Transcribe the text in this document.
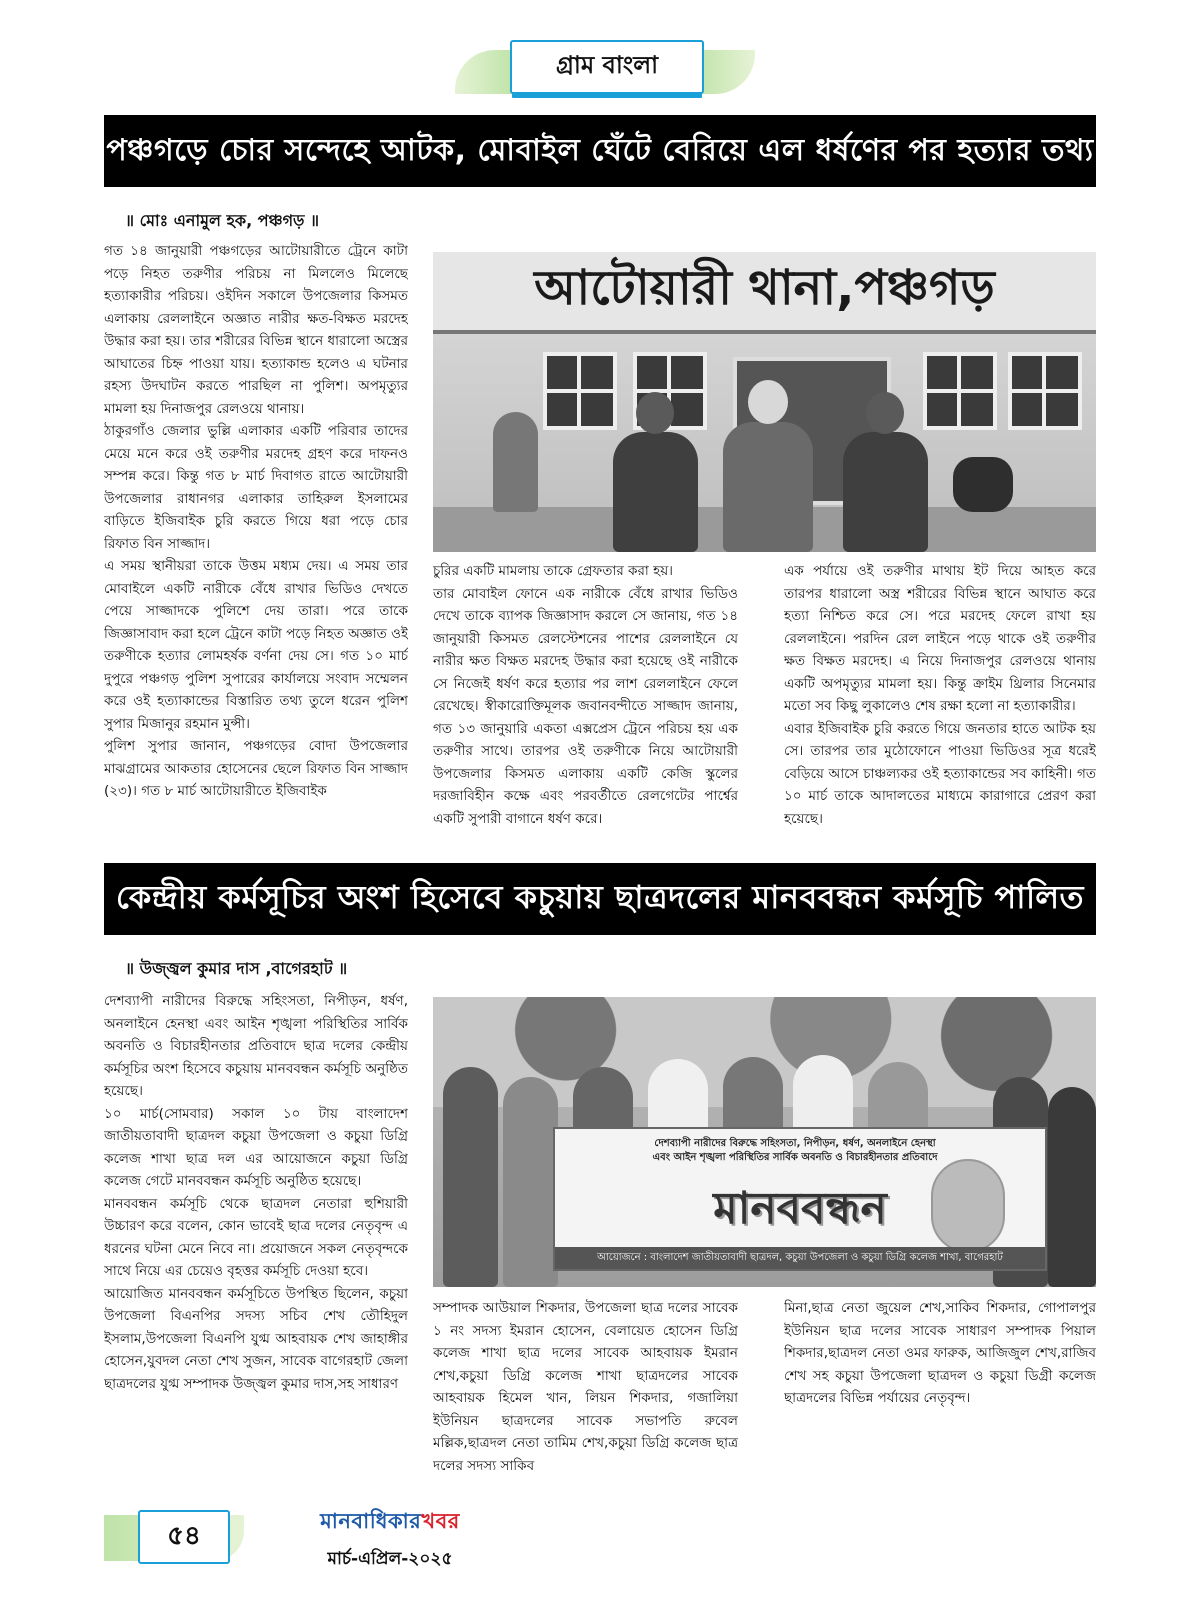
গ্রাম বাংলা
পঞ্চগড়ে চোর সন্দেহে আটক, মোবাইল ঘেঁটে বেরিয়ে এল ধর্ষণের পর হত্যার তথ্য
॥ মোঃ এনামুল হক, পঞ্চগড় ॥

গত ১৪ জানুয়ারী পঞ্চগড়ের আটোয়ারীতে ট্রেনে কাটা পড়ে নিহত তরুণীর পরিচয় না মিললেও মিলেছে হত্যাকারীর পরিচয়। ওইদিন সকালে উপজেলার কিসমত এলাকায় রেললাইনে অজ্ঞাত নারীর ক্ষত-বিক্ষত মরদেহ উদ্ধার করা হয়। তার শরীরের বিভিন্ন স্থানে ধারালো অস্ত্রের আঘাতের চিহ্ন পাওয়া যায়। হত্যাকান্ড হলেও এ ঘটনার রহস্য উদঘাটন করতে পারছিল না পুলিশ। অপমৃত্যুর মামলা হয় দিনাজপুর রেলওয়ে থানায়।

ঠাকুরগাঁও জেলার ভুল্লি এলাকার একটি পরিবার তাদের মেয়ে মনে করে ওই তরুণীর মরদেহ গ্রহণ করে দাফনও সম্পন্ন করে। কিন্তু গত ৮ মার্চ দিবাগত রাতে আটোয়ারী উপজেলার রাধানগর এলাকার তাহিরুল ইসলামের বাড়িতে ইজিবাইক চুরি করতে গিয়ে ধরা পড়ে চোর রিফাত বিন সাজ্জাদ।

এ সময় স্থানীয়রা তাকে উত্তম মধ্যম দেয়। এ সময় তার মোবাইলে একটি নারীকে বেঁধে রাখার ভিডিও দেখতে পেয়ে সাজ্জাদকে পুলিশে দেয় তারা। পরে তাকে জিজ্ঞাসাবাদ করা হলে ট্রেনে কাটা পড়ে নিহত অজ্ঞাত ওই তরুণীকে হত্যার লোমহর্ষক বর্ণনা দেয় সে। গত ১০ মার্চ দুপুরে পঞ্চগড় পুলিশ সুপারের কার্যালয়ে সংবাদ সম্মেলন করে ওই হত্যাকান্ডের বিস্তারিত তথ্য তুলে ধরেন পুলিশ সুপার মিজানুর রহমান মুন্সী।

পুলিশ সুপার জানান, পঞ্চগড়ের বোদা উপজেলার মাঝগ্রামের আকতার হোসেনের ছেলে রিফাত বিন সাজ্জাদ (২৩)। গত ৮ মার্চ আটোয়ারীতে ইজিবাইক

আটোয়ারী থানা,পঞ্চগড়

চুরির একটি মামলায় তাকে গ্রেফতার করা হয়।

তার মোবাইল ফোনে এক নারীকে বেঁধে রাখার ভিডিও দেখে তাকে ব্যাপক জিজ্ঞাসাদ করলে সে জানায়, গত ১৪ জানুয়ারী কিসমত রেলস্টেশনের পাশের রেললাইনে যে নারীর ক্ষত বিক্ষত মরদেহ উদ্ধার করা হয়েছে ওই নারীকে সে নিজেই ধর্ষণ করে হত্যার পর লাশ রেললাইনে ফেলে রেখেছে। স্বীকারোক্তিমূলক জবানবন্দীতে সাজ্জাদ জানায়, গত ১৩ জানুয়ারি একতা এক্সপ্রেস ট্রেনে পরিচয় হয় এক তরুণীর সাথে। তারপর ওই তরুণীকে নিয়ে আটোয়ারী উপজেলার কিসমত এলাকায় একটি কেজি স্কুলের দরজাবিহীন কক্ষে এবং পরবর্তীতে রেলগেটের পার্শ্বের একটি সুপারী বাগানে ধর্ষণ করে।

এক পর্যায়ে ওই তরুণীর মাথায় ইট দিয়ে আহত করে তারপর ধারালো অস্ত্র শরীরের বিভিন্ন স্থানে আঘাত করে হত্যা নিশ্চিত করে সে। পরে মরদেহ ফেলে রাখা হয় রেললাইনে। পরদিন রেল লাইনে পড়ে থাকে ওই তরুণীর ক্ষত বিক্ষত মরদেহ। এ নিয়ে দিনাজপুর রেলওয়ে থানায় একটি অপমৃত্যুর মামলা হয়। কিন্তু ক্রাইম থ্রিলার সিনেমার মতো সব কিছু লুকালেও শেষ রক্ষা হলো না হত্যাকারীর।

এবার ইজিবাইক চুরি করতে গিয়ে জনতার হাতে আটক হয় সে। তারপর তার মুঠোফোনে পাওয়া ভিডিওর সূত্র ধরেই বেড়িয়ে আসে চাঞ্চল্যকর ওই হত্যাকান্ডের সব কাহিনী। গত ১০ মার্চ তাকে আদালতের মাধ্যমে কারাগারে প্রেরণ করা হয়েছে।

কেন্দ্রীয় কর্মসূচির অংশ হিসেবে কচুয়ায় ছাত্রদলের মানববন্ধন কর্মসূচি পালিত
॥ উজ্জ্বল কুমার দাস ,বাগেরহাট ॥

দেশব্যাপী নারীদের বিরুদ্ধে সহিংসতা, নিপীড়ন, ধর্ষণ, অনলাইনে হেনস্থা এবং আইন শৃঙ্খলা পরিস্থিতির সার্বিক অবনতি ও বিচারহীনতার প্রতিবাদে ছাত্র দলের কেন্দ্রীয় কর্মসূচির অংশ হিসেবে কচুয়ায় মানববন্ধন কর্মসূচি অনুষ্ঠিত হয়েছে।

১০ মার্চ(সোমবার) সকাল ১০ টায় বাংলাদেশ জাতীয়তাবাদী ছাত্রদল কচুয়া উপজেলা ও কচুয়া ডিগ্রি কলেজ শাখা ছাত্র দল এর আয়োজনে কচুয়া ডিগ্রি কলেজ গেটে মানববন্ধন কর্মসূচি অনুষ্ঠিত হয়েছে।

মানববন্ধন কর্মসূচি থেকে ছাত্রদল নেতারা হুশিয়ারী উচ্চারণ করে বলেন, কোন ভাবেই ছাত্র দলের নেতৃবৃন্দ এ ধরনের ঘটনা মেনে নিবে না। প্রয়োজনে সকল নেতৃবৃন্দকে সাথে নিয়ে এর চেয়েও বৃহত্তর কর্মসূচি দেওয়া হবে।

আয়োজিত মানববন্ধন কর্মসূচিতে উপস্থিত ছিলেন, কচুয়া উপজেলা বিএনপির সদস্য সচিব শেখ তৌহিদুল ইসলাম,উপজেলা বিএনপি যুগ্ম আহবায়ক শেখ জাহাঙ্গীর হোসেন,যুবদল নেতা শেখ সুজন, সাবেক বাগেরহাট জেলা ছাত্রদলের যুগ্ম সম্পাদক উজ্জ্বল কুমার দাস,সহ সাধারণ

দেশব্যাপী নারীদের বিরুদ্ধে সহিংসতা, নিপীড়ন, ধর্ষণ, অনলাইনে হেনস্থা এবং আইন শৃঙ্খলা পরিস্থিতির সার্বিক অবনতি ও বিচারহীনতার প্রতিবাদে
মানববন্ধন
আয়োজনে : বাংলাদেশ জাতীয়তাবাদী ছাত্রদল, কচুয়া উপজেলা ও কচুয়া ডিগ্রি কলেজ শাখা, বাগেরহাট

সম্পাদক আউয়াল শিকদার, উপজেলা ছাত্র দলের সাবেক ১ নং সদস্য ইমরান হোসেন, বেলায়েত হোসেন ডিগ্রি কলেজ শাখা ছাত্র দলের সাবেক আহবায়ক ইমরান শেখ,কচুয়া ডিগ্রি কলেজ শাখা ছাত্রদলের সাবেক আহবায়ক হিমেল খান, লিয়ন শিকদার, গজালিয়া ইউনিয়ন ছাত্রদলের সাবেক সভাপতি রুবেল মল্লিক,ছাত্রদল নেতা তামিম শেখ,কচুয়া ডিগ্রি কলেজ ছাত্র দলের সদস্য সাকিব

মিনা,ছাত্র নেতা জুয়েল শেখ,সাকিব শিকদার, গোপালপুর ইউনিয়ন ছাত্র দলের সাবেক সাধারণ সম্পাদক পিয়াল শিকদার,ছাত্রদল নেতা ওমর ফারুক, আজিজুল শেখ,রাজিব শেখ সহ কচুয়া উপজেলা ছাত্রদল ও কচুয়া ডিগ্রী কলেজ ছাত্রদলের বিভিন্ন পর্যায়ের নেতৃবৃন্দ।

৫৪	মানবাধিকারখবর
মার্চ-এপ্রিল-২০২৫
